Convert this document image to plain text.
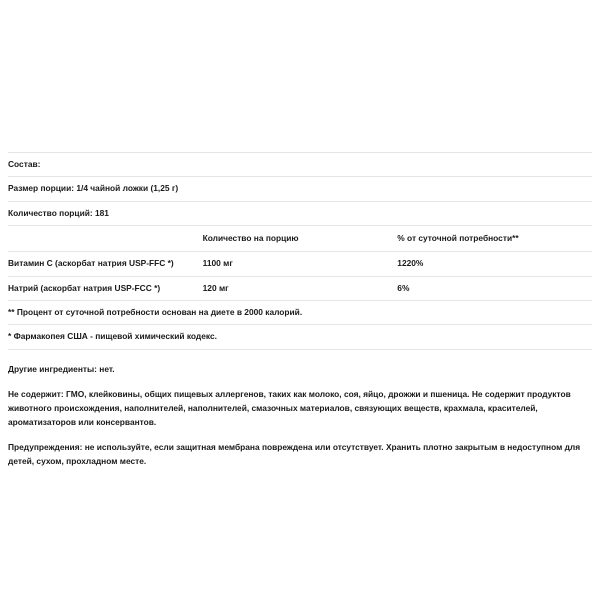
Состав:		
Размер порции: 1/4 чайной ложки (1,25 г)		
Количество порций: 181		
	Количество на порцию	% от суточной потребности**
Витамин С (аскорбат натрия USP-FFC *)	1100 мг	1220%
Натрий (аскорбат натрия USP-FCC *)	120 мг	6%
** Процент от суточной потребности основан на диете в 2000 калорий.		
* Фармакопея США - пищевой химический кодекс.		

Другие ингредиенты: нет.

Не содержит: ГМО, клейковины, общих пищевых аллергенов, таких как молоко, соя, яйцо, дрожжи и пшеница. Не содержит продуктов животного происхождения, наполнителей, наполнителей, смазочных материалов, связующих веществ, крахмала, красителей, ароматизаторов или консервантов.

Предупреждения: не используйте, если защитная мембрана повреждена или отсутствует. Хранить плотно закрытым в недоступном для детей, сухом, прохладном месте.
